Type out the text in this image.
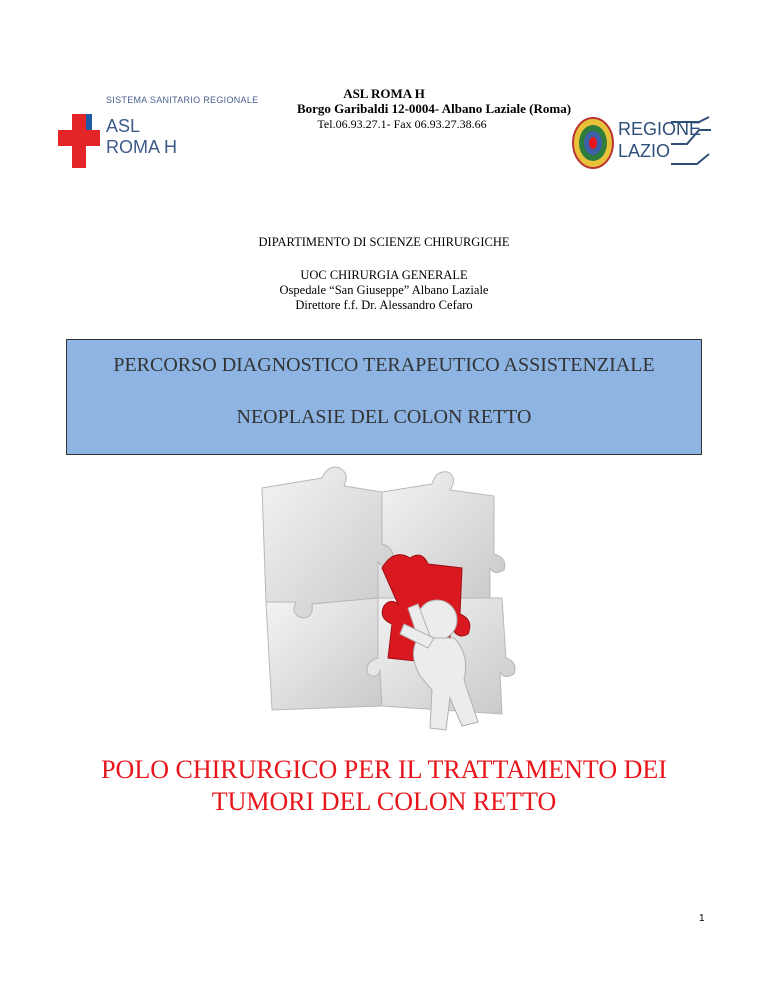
ASL ROMA H
Borgo Garibaldi 12-0004- Albano Laziale (Roma)
Tel.06.93.27.1- Fax 06.93.27.38.66
SISTEMA SANITARIO REGIONALE
ASL
ROMA H
REGIONE
LAZIO
DIPARTIMENTO DI SCIENZE CHIRURGICHE
UOC CHIRURGIA GENERALE
Ospedale “San Giuseppe” Albano Laziale
Direttore f.f. Dr. Alessandro Cefaro
PERCORSO DIAGNOSTICO TERAPEUTICO ASSISTENZIALE
NEOPLASIE DEL COLON RETTO
POLO CHIRURGICO PER IL TRATTAMENTO DEI
TUMORI DEL COLON RETTO
1
